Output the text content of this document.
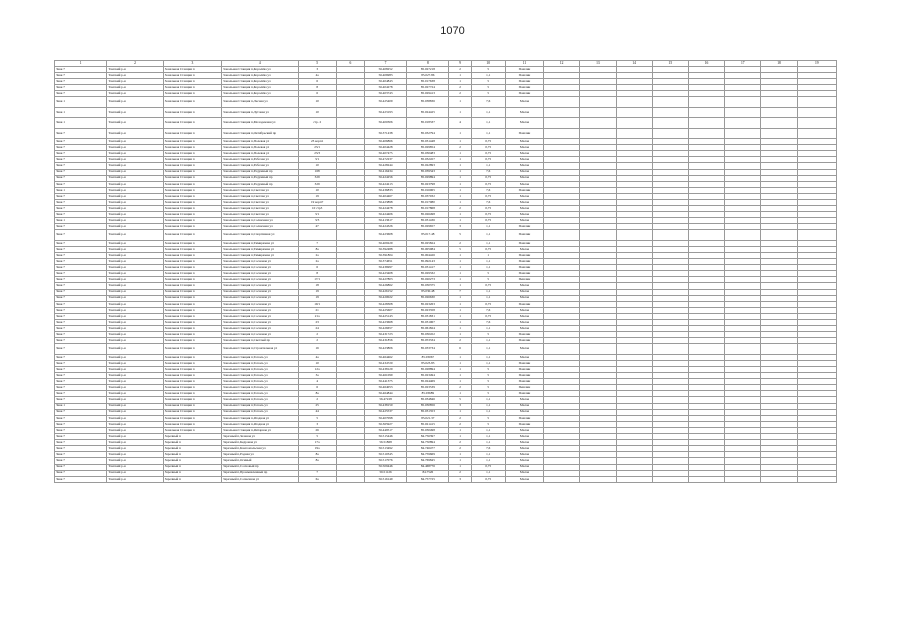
1070
1	2	3	4	5	6	7	8	9	10	11	12	13	14	15	16	17	18	19
Знак 7	Томский р-н	Зональная Станция п	Зональная Станция п,Коралёва ул	3		56.408252	85.027218	2	5	Пошлин								
Знак 7	Томский р-н	Зональная Станция п	Зональная Станция п,Коралёва ул	4а		56.406983	85.027.86	1	1,1	Пошлин								
Знак 7	Томский р-н	Зональная Станция п	Зональная Станция п,Коралёва ул	6		56.404843	85.017638	1	5	Пошлин								
Знак 7	Томский р-н	Зональная Станция п	Зональная Станция п,Коралёва ул	8		56.404278	85.027724	2	5	Пошлин								
Знак 7	Томский р-н	Зональная Станция п	Зональная Станция п,Коралёва ул	6		56.403743	85.029413	2	5	Пошлин								
Знак 1	Томский р-н	Зональная Станция п	Зональная Станция п,Лесная ул	10		56.425409	85.038836	1	7,6	Малая								
Знак 1	Томский р-н	Зональная Станция п	Зональная Станция п,Луговая ул	10		56.423193	85.024425	1	1,1	Малая								
Знак 1	Томский р-н	Зональная Станция п	Зональная Станция п,Молодежная ул	стр. 2		56.400306	85.018337	4	1,1	Малая								
Знак 7	Томский р-н	Зональная Станция п	Зональная Станция п,Октябрьский пр			56.371438	85.032794	1	1,1	Пошлин								
Знак 7	Томский р-н	Зональная Станция п	Зональная Станция п,Полевая ул	23 корп1		56.406866	85.031448	1	0,75	Малая								
Знак 7	Томский р-н	Зональная Станция п	Зональная Станция п,Полевая ул	23/1		56.404428	85.029854	2	0,75	Малая								
Знак 7	Томский р-н	Зональная Станция п	Зональная Станция п,Полевая ул	23/3		56.407475	85.030483	1	0,75	Малая								
Знак 7	Томский р-н	Зональная Станция п	Зональная Станция п,Рабочая ул	3/1		56.472237	85.032457	1	0,75	Малая								
Знак 7	Томский р-н	Зональная Станция п	Зональная Станция п,Рабочая ул	10		56.428244	85.022893	1	1,1	Малая								
Знак 7	Томский р-н	Зональная Станция п	Зональная Станция п,Радужный пр	168		56.416434	85.039343	1	7,6	Малая								
Знак 7	Томский р-н	Зональная Станция п	Зональная Станция п,Радужный пр	329		56.424256	85.029894	1	0,75	Малая								
Знак 7	Томский р-н	Зональная Станция п	Зональная Станция п,Радужный пр	329		56.424213	85.023798	1	0,75	Малая								
Знак 1	Томский р-н	Зональная Станция п	Зональная Станция п,Светлая ул	10		56.436833	85.016065	1	7,6	Пошлин								
Знак 7	Томский р-н	Зональная Станция п	Зональная Станция п,Светлая ул	19		56.404467	85.037032	1	0,75	Малая								
Знак 7	Томский р-н	Зональная Станция п	Зональная Станция п,Светлая ул	19 корп7		56.423898	85.017080	1	7,6	Малая								
Знак 7	Томский р-н	Зональная Станция п	Зональная Станция п,Светлая ул	10 стр3		56.424478	85.017868	2	0,75	Малая								
Знак 7	Томский р-н	Зональная Станция п	Зональная Станция п,Светлая ул	3/1		56.424406	85.026498	1	0,75	Малая								
Знак 1	Томский р-н	Зональная Станция п	Зональная Станция п,Солнечная ул	3/3		56.413617	85.031436	1	0,75	Малая								
Знак 7	Томский р-н	Зональная Станция п	Зональная Станция п,Солнечная ул	47		56.424326	85.029657	3	1,1	Пошлин								
Знак 7	Томский р-н	Зональная Станция п	Зональная Станция п,Спортивная ул			56.423608	85.017.48	5	1,1	Пошлин								
Знак 7	Томский р-н	Зональная Станция п	Зональная Станция п,Тимирязева ул	7		56.409229	85.025824	2	1,1	Пошлин								
Знак 7	Томский р-н	Зональная Станция п	Зональная Станция п,Тимирязева ул	8а		56.392488	85.005084	5	0,75	Малая								
Знак 7	Томский р-н	Зональная Станция п	Зональная Станция п,Тимирязева ул	2а		56.391804	85.004426	1	1	Пошлин								
Знак 7	Томский р-н	Зональная Станция п	Зональная Станция п,Сосновая ул	2а		56.374651	85.092143	1	1,1	Пошлин								
Знак 7	Томский р-н	Зональная Станция п	Зональная Станция п,Сосновая ул	6		56.436997	85.031417	1	1,1	Пошлин								
Знак 7	Томский р-н	Зональная Станция п	Зональная Станция п,Сосновая ул	8		56.423408	85.029332	1	5	Пошлин								
Знак 7	Томский р-н	Зональная Станция п	Зональная Станция п,Сосновая ул	17/1		56.427803	85.020273	1	5	Пешлин								
Знак 7	Томский р-н	Зональная Станция п	Зональная Станция п,Сосновая ул	18		56.426862	85.030375	1	0,75	Малая								
Знак 7	Томский р-н	Зональная Станция п	Зональная Станция п,Сосновая ул	19		56.426152	85.030.48	7	1,1	Малая								
Знак 7	Томский р-н	Зональная Станция п	Зональная Станция п,Сосновая ул	19		56.420022	85.026630	1	1,1	Малая								
Знак 7	Томский р-н	Зональная Станция п	Зональная Станция п,Сосновая ул	19/1		56.428308	85.023263	1	0,75	Пошлин								
Знак 7	Томский р-н	Зональная Станция п	Зональная Станция п,Сосновая ул	21		56.425607	85.023358	1	7,6	Малая								
Знак 7	Томский р-н	Зональная Станция п	Зональная Станция п,Сосновая ул	21а		56.425143	85.031831	1	0,75	Малая								
Знак 7	Томский р-н	Зональная Станция п	Зональная Станция п,Сосновая ул	23		56.423668	85.031067	1	7,6	Малая								
Знак 7	Томский р-н	Зональная Станция п	Зональная Станция п,Сосновая ул	24		56.426657	85.061824	1	1,1	Малая								
Знак 7	Томский р-н	Зональная Станция п	Зональная Станция п,Сосновая ул	2		56.431723	85.030452	1	5	Пошлин								
Знак 7	Томский р-н	Зональная Станция п	Зональная Станция п,Светлый пр	2		56.431856	85.053334	2	1,1	Пошлин								
Знак 7	Томский р-н	Зональная Станция п	Зональная Станция п,Строительная ул	16		56.423806	85.033734	6	1,1	Малая								
Знак 7	Томский р-н	Зональная Станция п	Зональная Станция п,Тополь ул	4а		56.464462	85.03067	1	1,1	Малая								
Знак 7	Томский р-н	Зональная Станция п	Зональная Станция п,Тополь ул	10		56.434720	85.023.83	1	1,1	Пошлин								
Знак 7	Томский р-н	Зональная Станция п	Зональная Станция п,Тополь ул	12а		56.438129	85.028894	1	5	Пошлин								
Знак 7	Томский р-н	Зональная Станция п	Зональная Станция п,Тополь ул	3а		56.461099	85.023494	1	5	Пошлин								
Знак 7	Томский р-н	Зональная Станция п	Зональная Станция п,Тополь ул	4		56.441375	85.024469	1	5	Пошлин								
Знак 7	Томский р-н	Зональная Станция п	Зональная Станция п,Тополь ул	6		56.464053	85.023539	2	5	Пешлин								
Знак 7	Томский р-н	Зональная Станция п	Зональная Станция п,Тополь ул	8а		56.464844	85.03689	1	5	Пошлин								
Знак 7	Томский р-н	Зональная Станция п	Зональная Станция п,Тополь ул	2		56.47228	85.034846	5	1,1	Малая								
Знак 1	Томский р-н	Зональная Станция п	Зональная Станция п,Тополь ул	25		56.438150	85.030856	3	1,1	Малая								
Знак 7	Томский р-н	Зональная Станция п	Зональная Станция п,Тополь ул	44		56.425537	85.031353	1	1,1	Малая								
Знак 7	Томский р-н	Зональная Станция п	Зональная Станция п,Ягодная ул	5		56.407098	85.021.37	2	5	Пошлин								
Знак 7	Томский р-н	Зональная Станция п	Зональная Станция п,Ягодная ул	3		56.365927	85.021415	2	5	Пошлин								
Знак 7	Томский р-н	Зональная Станция п	Зональная Станция п,Янтарная ул	26		56.449517	85.030498	1	1,1	Малая								
Знак 7	Томский р-н	Заречный п	Заречный п,Зеленая ул	5		56.515446	84.756397	1	1,1	Малая								
Знак 7	Томский р-н	Заречный п	Заречный п,Кедровая ул	17а		56.51868	84.750894	2	1,1	Малая								
Знак 7	Томский р-н	Заречный п	Заречный п,Комсомольская ул	19а		56.513492	84.746477	2	7,6	Малая								
Знак 7	Томский р-н	Заречный п	Заречный п,Родная ул	8а		56.510345	84.759669	1	1,1	Малая								
Знак 7	Томский р-н	Заречный п	Заречный п,Осиный	8а		56.517076	84.769845	1	1,1	Малая								
Знак 7	Томский р-н	Заречный п	Заречный п,Сосновый пр			56.509446	84.468776	1	0,75	Малая								
Знак 7	Томский р-н	Заречный п	Заречный п,Промышленный пр	7		56.51126	84.7526	2	1,1	Малая								
Знак 7	Томский р-н	Заречный п	Заречный п,Солнечная ул	6а		56.516149	84.757725	3	0,75	Малая								
